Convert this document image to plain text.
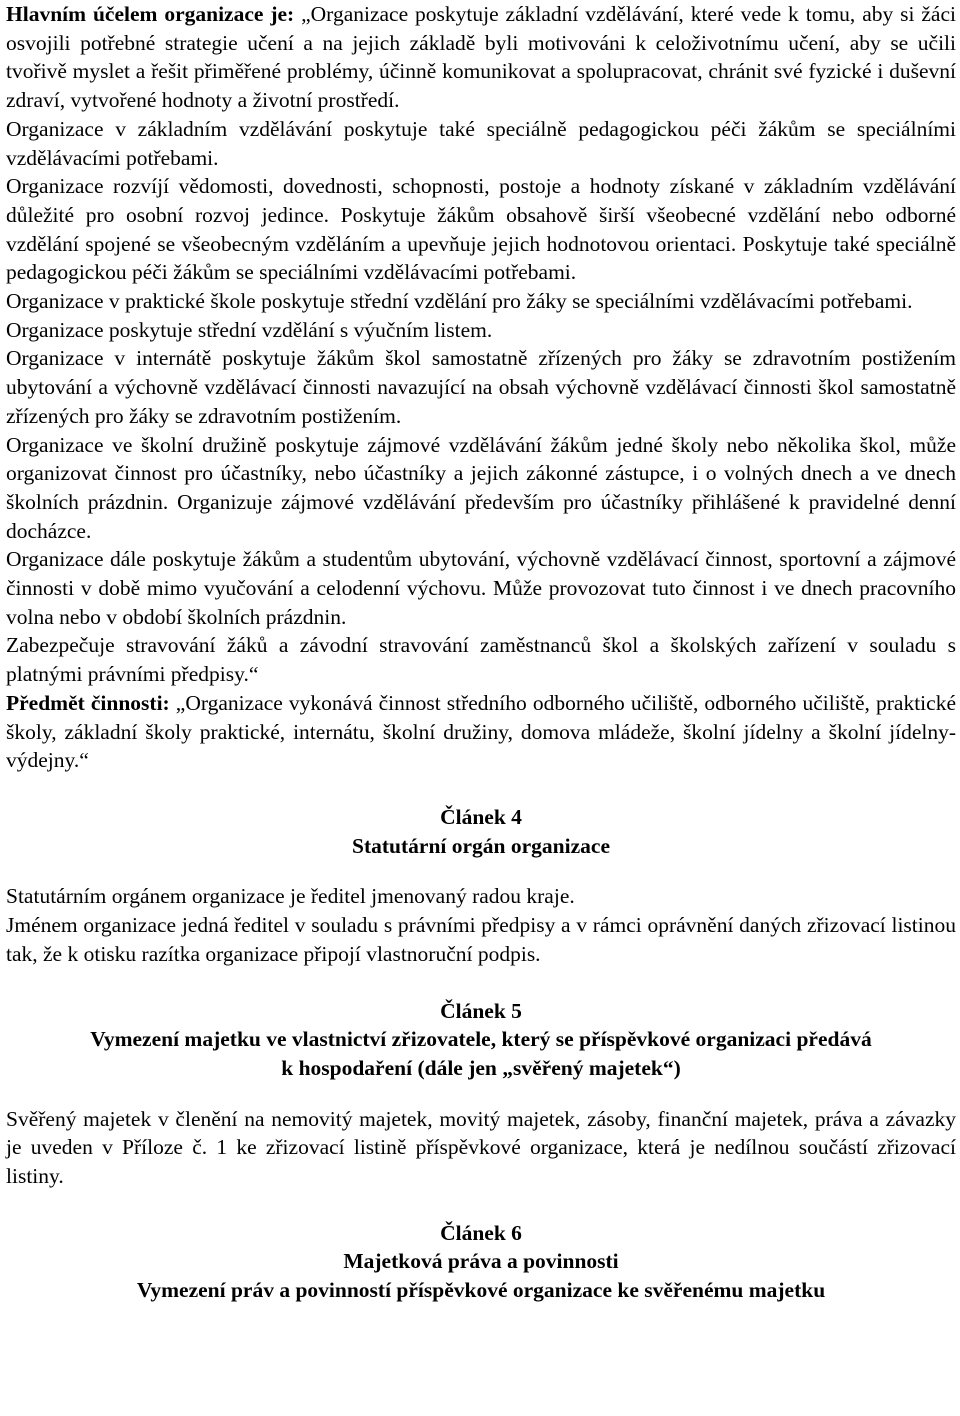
Hlavním účelem organizace je: „Organizace poskytuje základní vzdělávání, které vede k tomu, aby si žáci osvojili potřebné strategie učení a na jejich základě byli motivováni k celoživotnímu učení, aby se učili tvořivě myslet a řešit přiměřené problémy, účinně komunikovat a spolupracovat, chránit své fyzické i duševní zdraví, vytvořené hodnoty a životní prostředí.

Organizace v základním vzdělávání poskytuje také speciálně pedagogickou péči žákům se speciálními vzdělávacími potřebami.

Organizace rozvíjí vědomosti, dovednosti, schopnosti, postoje a hodnoty získané v základním vzdělávání důležité pro osobní rozvoj jedince. Poskytuje žákům obsahově širší všeobecné vzdělání nebo odborné vzdělání spojené se všeobecným vzděláním a upevňuje jejich hodnotovou orientaci. Poskytuje také speciálně pedagogickou péči žákům se speciálními vzdělávacími potřebami.

Organizace v praktické škole poskytuje střední vzdělání pro žáky se speciálními vzdělávacími potřebami.

Organizace poskytuje střední vzdělání s výučním listem.

Organizace v internátě poskytuje žákům škol samostatně zřízených pro žáky se zdravotním postižením ubytování a výchovně vzdělávací činnosti navazující na obsah výchovně vzdělávací činnosti škol samostatně zřízených pro žáky se zdravotním postižením.

Organizace ve školní družině poskytuje zájmové vzdělávání žákům jedné školy nebo několika škol, může organizovat činnost pro účastníky, nebo účastníky a jejich zákonné zástupce, i o volných dnech a ve dnech školních prázdnin. Organizuje zájmové vzdělávání především pro účastníky přihlášené k pravidelné denní docházce.

Organizace dále poskytuje žákům a studentům ubytování, výchovně vzdělávací činnost, sportovní a zájmové činnosti v době mimo vyučování a celodenní výchovu. Může provozovat tuto činnost i ve dnech pracovního volna nebo v období školních prázdnin.

Zabezpečuje stravování žáků a závodní stravování zaměstnanců škol a školských zařízení v souladu s platnými právními předpisy.“

Předmět činnosti: „Organizace vykonává činnost středního odborného učiliště, odborného učiliště, praktické školy, základní školy praktické, internátu, školní družiny, domova mládeže, školní jídelny a školní jídelny-výdejny.“

Článek 4
Statutární orgán organizace

Statutárním orgánem organizace je ředitel jmenovaný radou kraje.

Jménem organizace jedná ředitel v souladu s právními předpisy a v rámci oprávnění daných zřizovací listinou tak, že k otisku razítka organizace připojí vlastnoruční podpis.

Článek 5
Vymezení majetku ve vlastnictví zřizovatele, který se příspěvkové organizaci předává
k hospodaření (dále jen „svěřený majetek“)

Svěřený majetek v členění na nemovitý majetek, movitý majetek, zásoby, finanční majetek, práva a závazky je uveden v Příloze č. 1 ke zřizovací listině příspěvkové organizace, která je nedílnou součástí zřizovací listiny.

Článek 6
Majetková práva a povinnosti
Vymezení práv a povinností příspěvkové organizace ke svěřenému majetku
